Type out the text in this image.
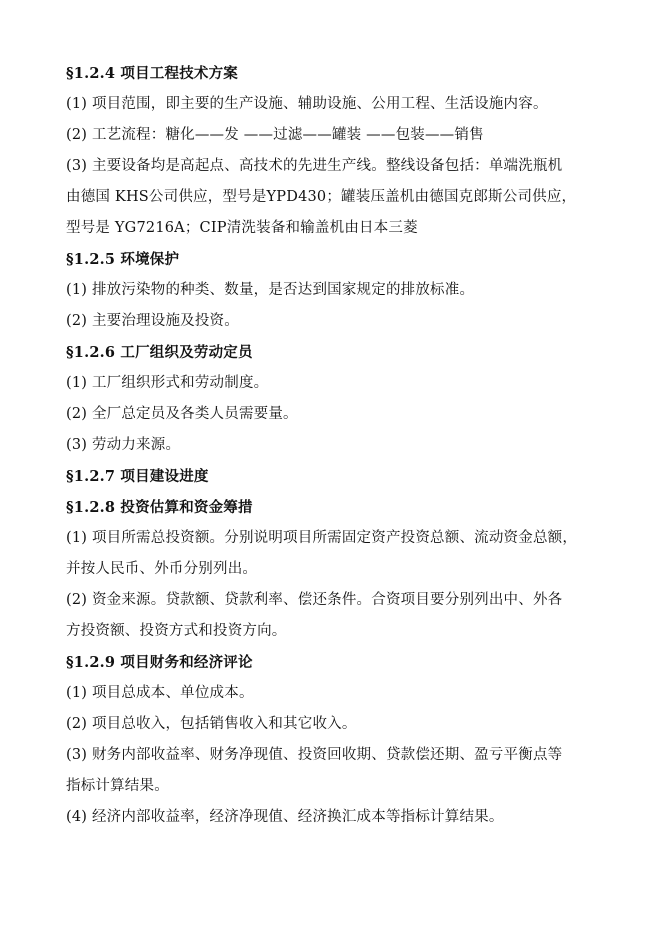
§1.2.4 项目工程技术方案
(1) 项目范围，即主要的生产设施、辅助设施、公用工程、生活设施内容。
(2) 工艺流程：糖化——发 ——过滤——罐装 ——包装——销售
(3) 主要设备均是高起点、高技术的先进生产线。整线设备包括：单端洗瓶机
由德国 KHS公司供应，型号是YPD430；罐装压盖机由德国克郎斯公司供应，
型号是 YG7216A；CIP清洗装备和输盖机由日本三菱
§1.2.5 环境保护
(1) 排放污染物的种类、数量，是否达到国家规定的排放标准。
(2) 主要治理设施及投资。
§1.2.6 工厂组织及劳动定员
(1) 工厂组织形式和劳动制度。
(2) 全厂总定员及各类人员需要量。
(3) 劳动力来源。
§1.2.7 项目建设进度
§1.2.8 投资估算和资金筹措
(1) 项目所需总投资额。分别说明项目所需固定资产投资总额、流动资金总额，
并按人民币、外币分别列出。
(2) 资金来源。贷款额、贷款利率、偿还条件。合资项目要分别列出中、外各
方投资额、投资方式和投资方向。
§1.2.9 项目财务和经济评论
(1) 项目总成本、单位成本。
(2) 项目总收入，包括销售收入和其它收入。
(3) 财务内部收益率、财务净现值、投资回收期、贷款偿还期、盈亏平衡点等
指标计算结果。
(4) 经济内部收益率，经济净现值、经济换汇成本等指标计算结果。
